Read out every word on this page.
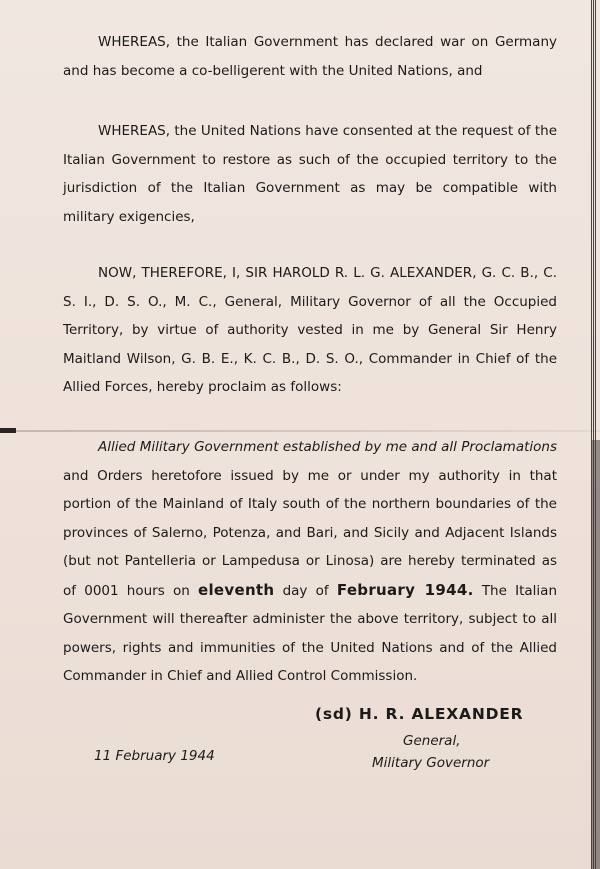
WHEREAS, the Italian Government has declared war on Germany and has become a co-belligerent with the United Nations, and

WHEREAS, the United Nations have consented at the request of the Italian Government to restore as such of the occupied territory to the jurisdiction of the Italian Government as may be compatible with military exigencies,

NOW, THEREFORE, I, SIR HAROLD R. L. G. ALEXANDER, G. C. B., C. S. I., D. S. O., M. C., General, Military Governor of all the Occupied Territory, by virtue of authority vested in me by General Sir Henry Maitland Wilson, G. B. E., K. C. B., D. S. O., Commander in Chief of the Allied Forces, hereby proclaim as follows:

Allied Military Government established by me and all Proclamations and Orders heretofore issued by me or under my authority in that portion of the Mainland of Italy south of the northern boundaries of the provinces of Salerno, Potenza, and Bari, and Sicily and Adjacent Islands (but not Pantelleria or Lampedusa or Linosa) are hereby terminated as of 0001 hours on eleventh day of February 1944. The Italian Government will thereafter administer the above territory, subject to all powers, rights and immunities of the United Nations and of the Allied Commander in Chief and Allied Control Commission.

(sd) H. R. ALEXANDER
General,
Military Governor
11 February 1944
